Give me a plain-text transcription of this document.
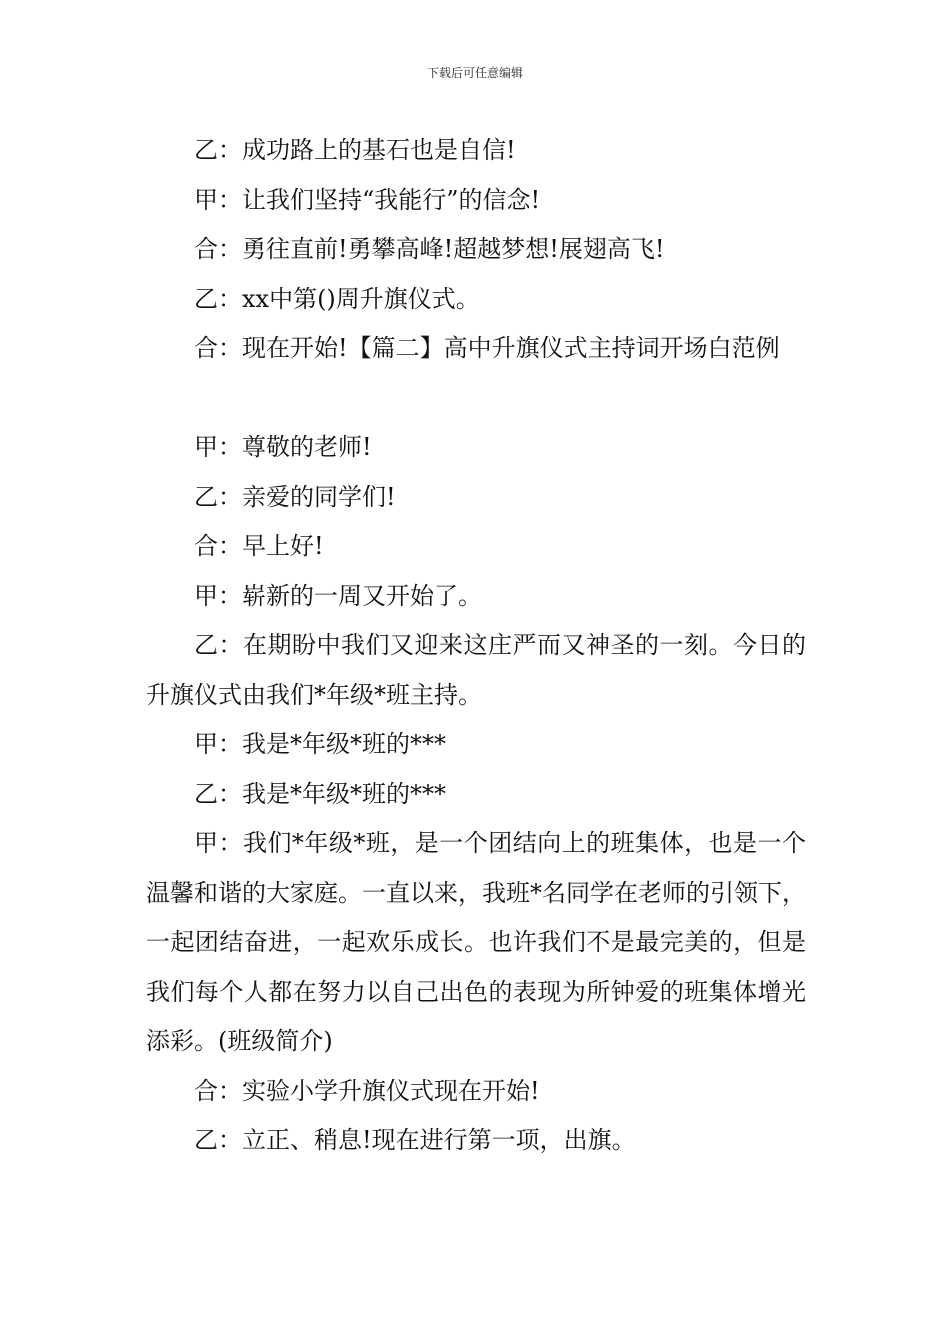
下载后可任意编辑

乙：成功路上的基石也是自信!

甲：让我们坚持“我能行”的信念!

合：勇往直前!勇攀高峰!超越梦想!展翅高飞!

乙：xx中第()周升旗仪式。

合：现在开始!【篇二】高中升旗仪式主持词开场白范例

甲：尊敬的老师!

乙：亲爱的同学们!

合：早上好!

甲：崭新的一周又开始了。

乙：在期盼中我们又迎来这庄严而又神圣的一刻。今日的升旗仪式由我们*年级*班主持。

甲：我是*年级*班的***

乙：我是*年级*班的***

甲：我们*年级*班，是一个团结向上的班集体，也是一个温馨和谐的大家庭。一直以来，我班*名同学在老师的引领下，一起团结奋进，一起欢乐成长。也许我们不是最完美的，但是我们每个人都在努力以自己出色的表现为所钟爱的班集体增光添彩。(班级简介)

合：实验小学升旗仪式现在开始!

乙：立正、稍息!现在进行第一项，出旗。
